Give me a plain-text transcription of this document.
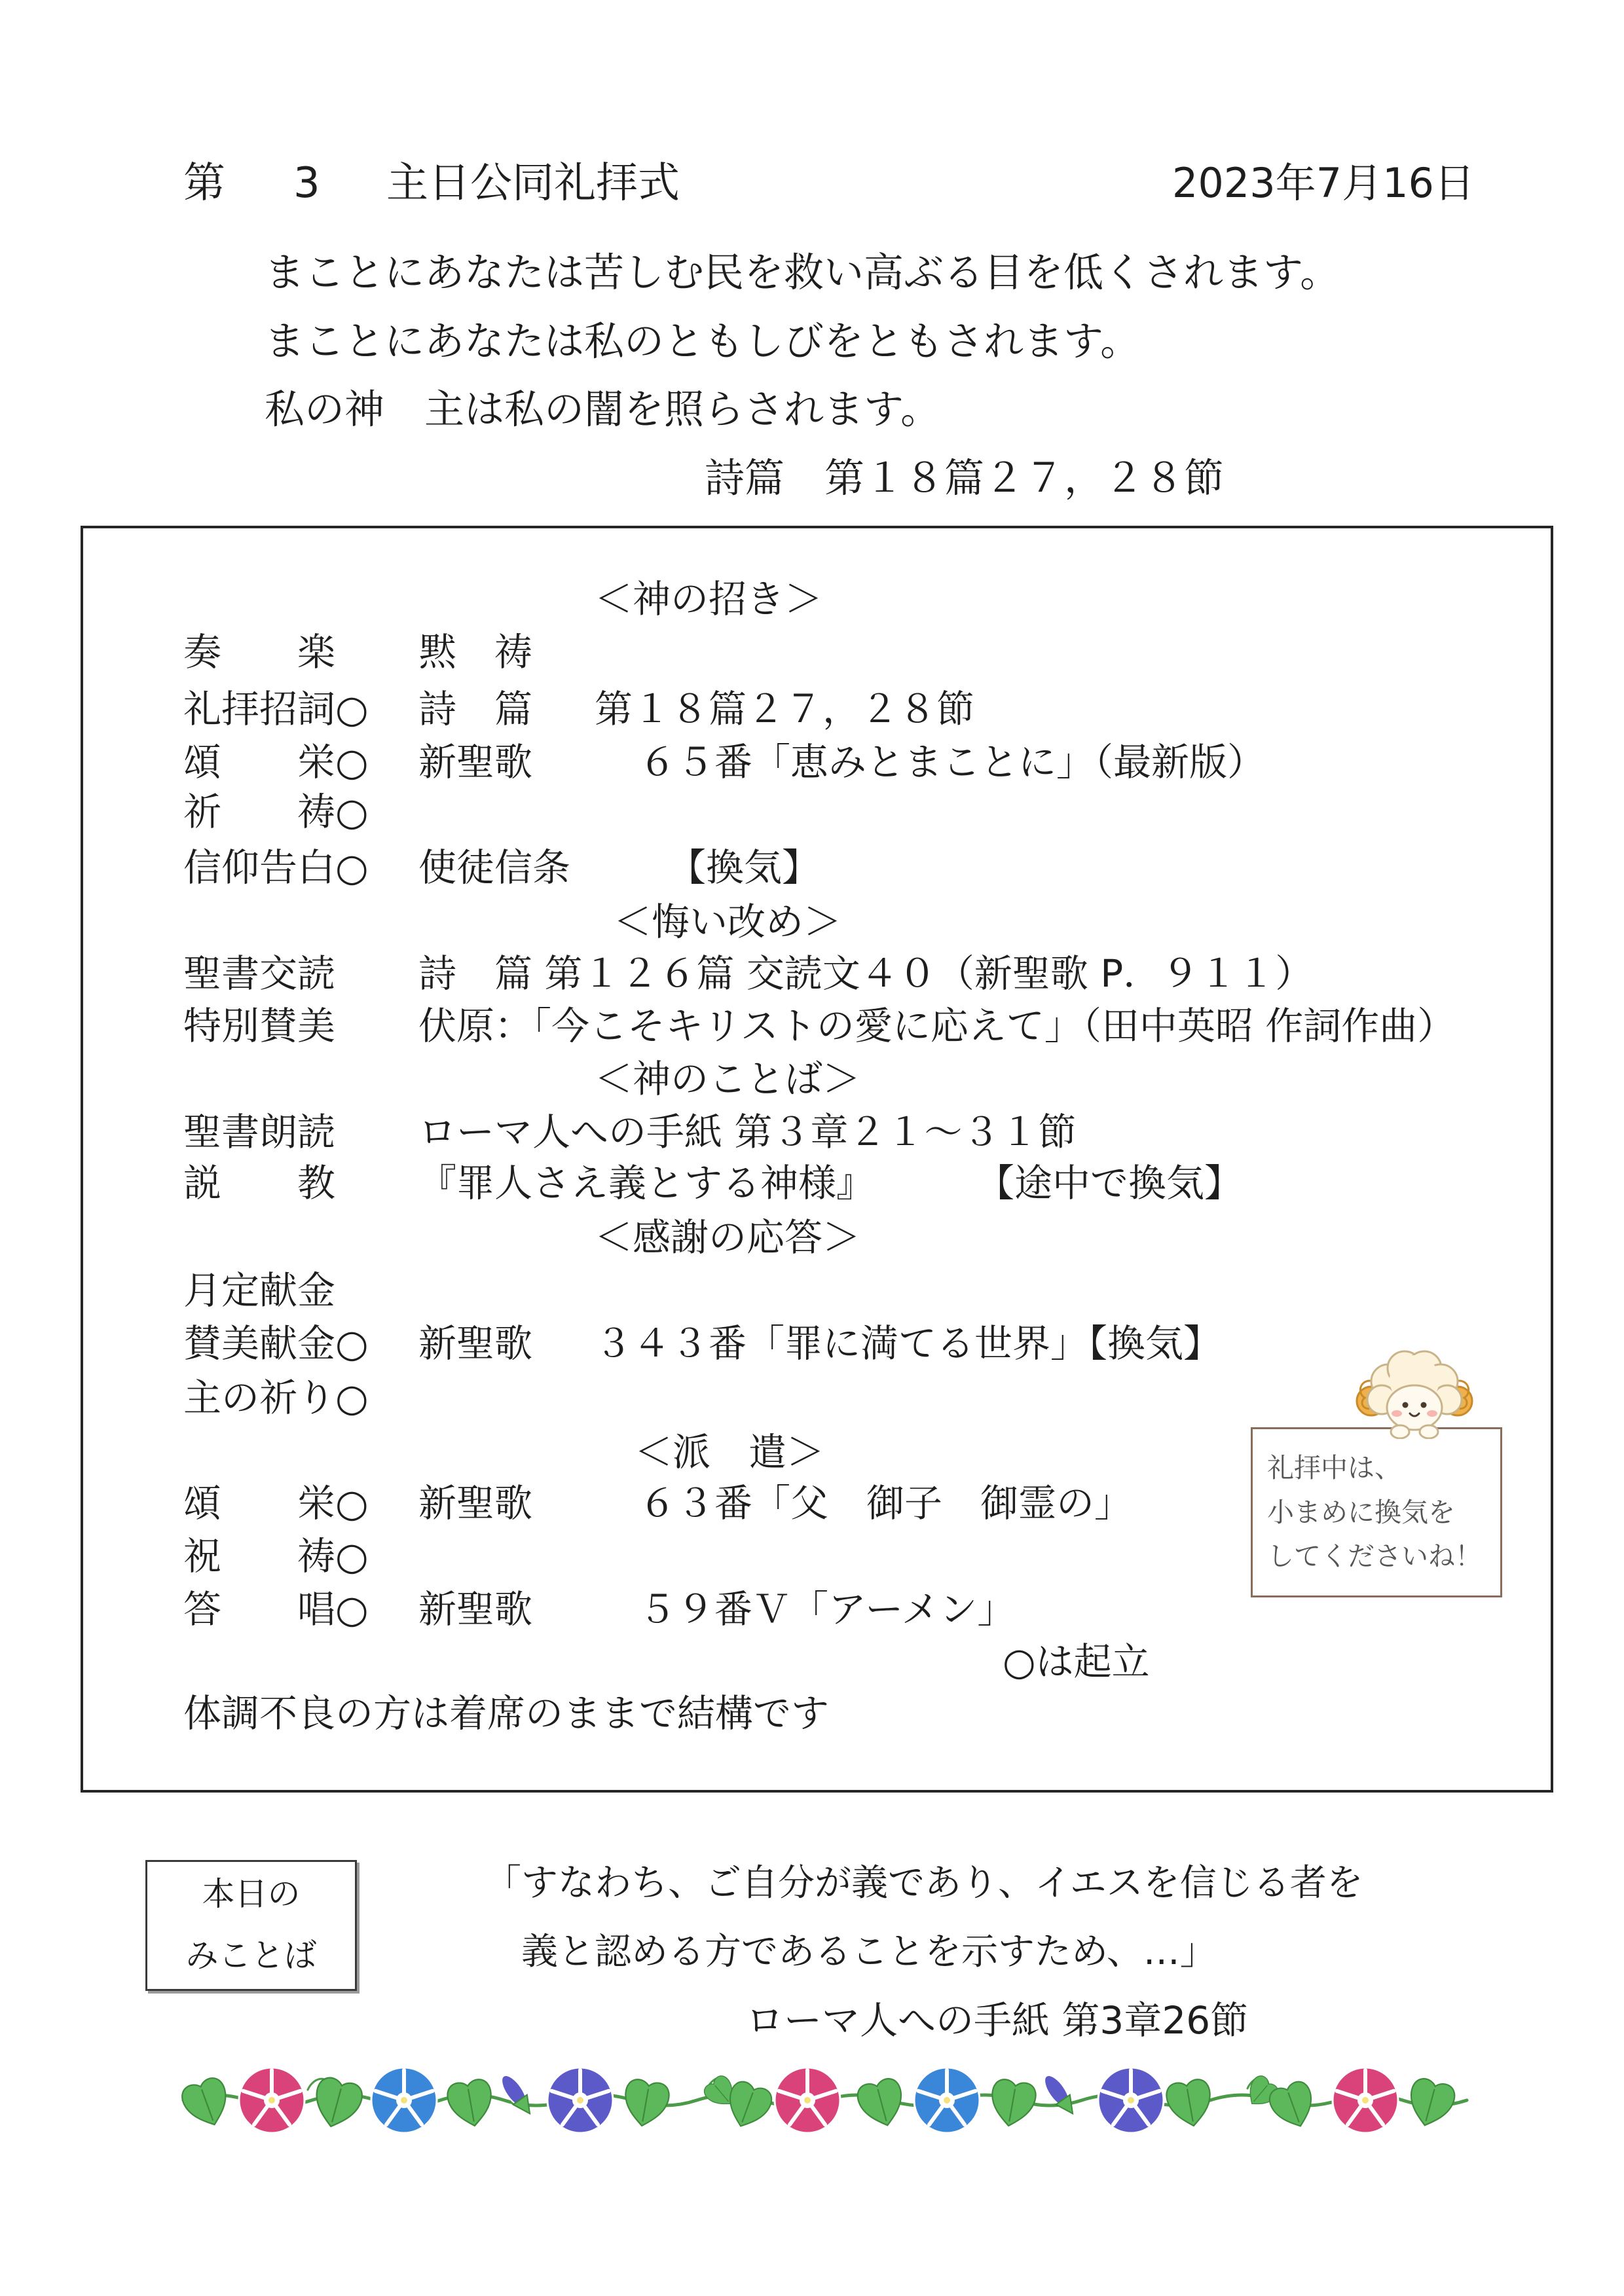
第 3 主日公同礼拝式	2023年7月16日
まことにあなたは苦しむ民を救い高ぶる目を低くされます。
まことにあなたは私のともしびをともされます。
私の神　主は私の闇を照らされます。
詩篇　第１８篇２７，２８節
＜神の招き＞
奏　　楽 黙　祷
礼拝招詞○ 詩　篇 第１８篇２７，２８節
頌　　栄○ 新聖歌	６５番「恵みとまことに」（最新版）
祈　　祷○
信仰告白○ 使徒信条	【換気】
＜悔い改め＞
聖書交読 詩　篇 第１２６篇 交読文４０（新聖歌 P．９１１）
特別賛美 伏原：「今こそキリストの愛に応えて」（田中英昭 作詞作曲）
＜神のことば＞
聖書朗読 ローマ人への手紙 第３章２１～３１節
説　　教 『罪人さえ義とする神様』	【途中で換気】
＜感謝の応答＞
月定献金
賛美献金○ 新聖歌 ３４３番「罪に満てる世界」【換気】
主の祈り○
＜派　遣＞
頌　　栄○ 新聖歌	６３番「父　御子　御霊の」
祝　　祷○
答　　唱○ 新聖歌	５９番Ｖ「アーメン」
○は起立
体調不良の方は着席のままで結構です
礼拝中は、
小まめに換気を
してくださいね！
本日の
みことば
「すなわち、ご自分が義であり、イエスを信じる者を
義と認める方であることを示すため、…」
ローマ人への手紙 第3章26節
